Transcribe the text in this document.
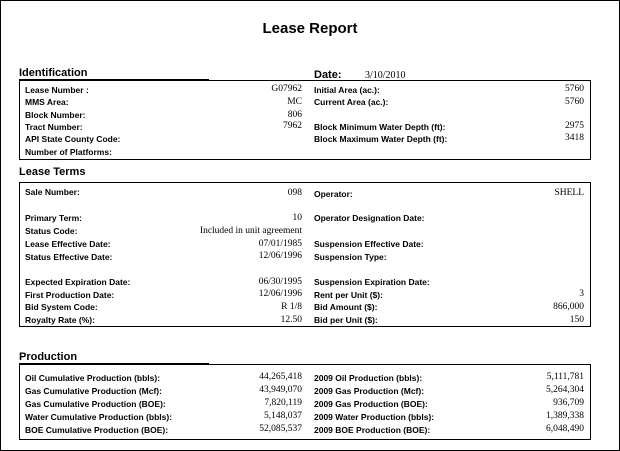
Lease Report
Identification	Date: 3/10/2010
Lease Number :	G07962
MMS Area:	MC
Block Number:	806
Tract Number:	7962
API State County Code:
Number of Platforms:
Initial Area (ac.):	5760
Current Area (ac.):	5760
Block Minimum Water Depth (ft):	2975
Block Maximum Water Depth (ft):	3418
Lease Terms
Sale Number:	098
Primary Term:	10
Status Code:	Included in unit agreement
Lease Effective Date:	07/01/1985
Status Effective Date:	12/06/1996
Expected Expiration Date:	06/30/1995
First Production Date:	12/06/1996
Bid System Code:	R 1/8
Royalty Rate (%):	12.50
Operator:	SHELL
Operator Designation Date:
Suspension Effective Date:
Suspension Type:
Suspension Expiration Date:
Rent per Unit ($):	3
Bid Amount ($):	866,000
Bid per Unit ($):	150
Production
Oil Cumulative Production (bbls):	44,265,418
Gas Cumulative Production (Mcf):	43,949,070
Gas Cumulative Production (BOE):	7,820,119
Water Cumulative Production (bbls):	5,148,037
BOE Cumulative Production (BOE):	52,085,537
2009 Oil Production (bbls):	5,111,781
2009 Gas Production (Mcf):	5,264,304
2009 Gas Production (BOE):	936,709
2009 Water Production (bbls):	1,389,338
2009 BOE Production (BOE):	6,048,490
